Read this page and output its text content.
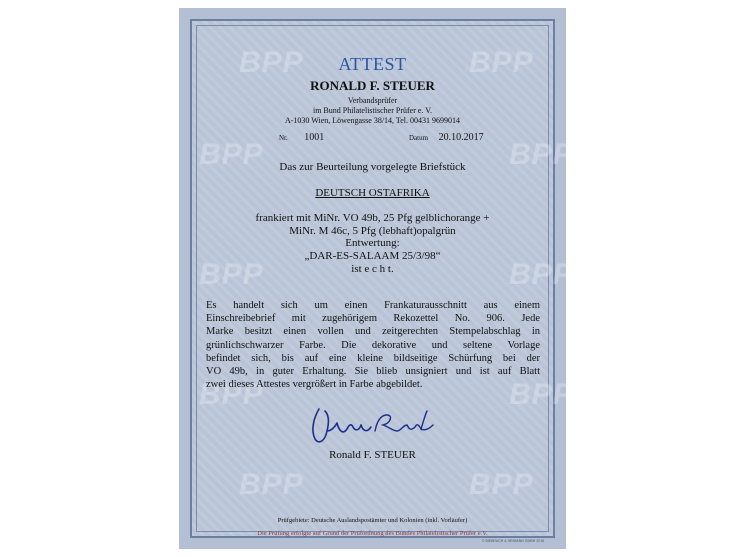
BPP	BPP
BPP	BPP
BPP	BPP
BPP	BPP
BPP	BPP
ATTEST
RONALD F. STEUER
Verbandsprüfer
im Bund Philatelistischer Prüfer e. V.
A-1030 Wien, Löwengasse 38/14, Tel. 00431 9699014
Nr. 1001	Datum 20.10.2017
Das zur Beurteilung vorgelegte Briefstück
DEUTSCH OSTAFRIKA
frankiert mit MiNr. VO 49b, 25 Pfg gelblichorange +
MiNr. M 46c, 5 Pfg (lebhaft)opalgrün
Entwertung:
„DAR-ES-SALAAM 25/3/98“
ist e c h t.
Es handelt sich um einen Frankaturausschnitt aus einem
Einschreibebrief mit zugehörigem Rekozettel No. 906. Jede
Marke besitzt einen vollen und zeitgerechten Stempelabschlag in
grünlichschwarzer Farbe. Die dekorative und seltene Vorlage
befindet sich, bis auf eine kleine bildseitige Schürfung bei der
VO 49b, in guter Erhaltung. Sie blieb unsigniert und ist auf Blatt
zwei dieses Attestes vergrößert in Farbe abgebildet.
Ronald F. STEUER
Prüfgebiete: Deutsche Auslandspostämter und Kolonien (inkl. Vorläufer)
Die Prüfung erfolgte auf Grund der Prüfordnung des Bundes Philatelistischer Prüfer e.V.
© BIEBRACH & HEIMANN GMBH 2016
